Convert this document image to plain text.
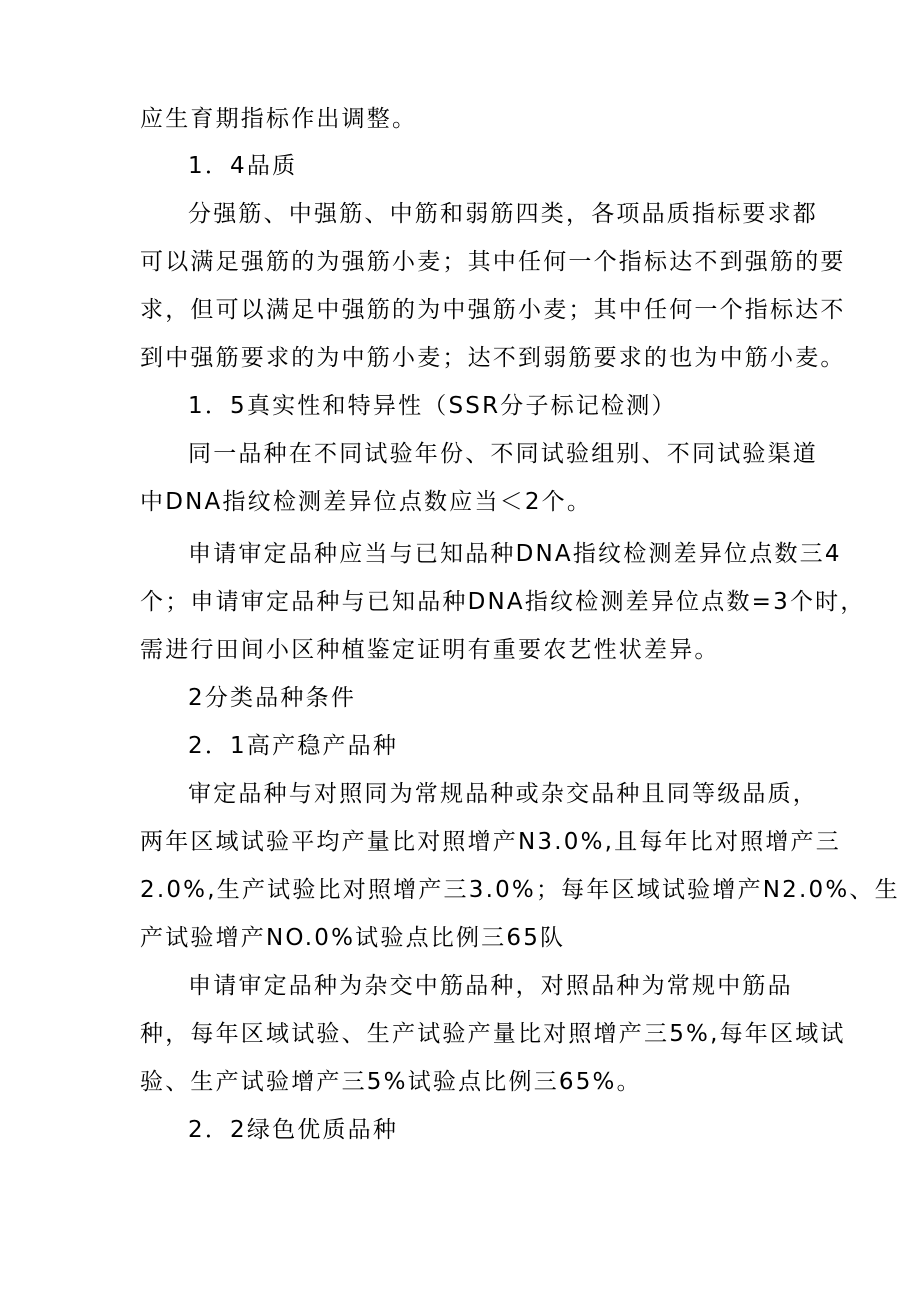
应生育期指标作出调整。
1．4品质
分强筋、中强筋、中筋和弱筋四类，各项品质指标要求都
可以满足强筋的为强筋小麦；其中任何一个指标达不到强筋的要
求，但可以满足中强筋的为中强筋小麦；其中任何一个指标达不
到中强筋要求的为中筋小麦；达不到弱筋要求的也为中筋小麦。
1．5真实性和特异性（SSR分子标记检测）
同一品种在不同试验年份、不同试验组别、不同试验渠道
中DNA指纹检测差异位点数应当＜2个。
申请审定品种应当与已知品种DNA指纹检测差异位点数三4
个；申请审定品种与已知品种DNA指纹检测差异位点数=3个时，
需进行田间小区种植鉴定证明有重要农艺性状差异。
2分类品种条件
2．1高产稳产品种
审定品种与对照同为常规品种或杂交品种且同等级品质，
两年区域试验平均产量比对照增产N3.0%,且每年比对照增产三
2.0%,生产试验比对照增产三3.0%；每年区域试验增产N2.0%、生
产试验增产NO.0%试验点比例三65队
申请审定品种为杂交中筋品种，对照品种为常规中筋品
种，每年区域试验、生产试验产量比对照增产三5%,每年区域试
验、生产试验增产三5%试验点比例三65%。
2．2绿色优质品种
